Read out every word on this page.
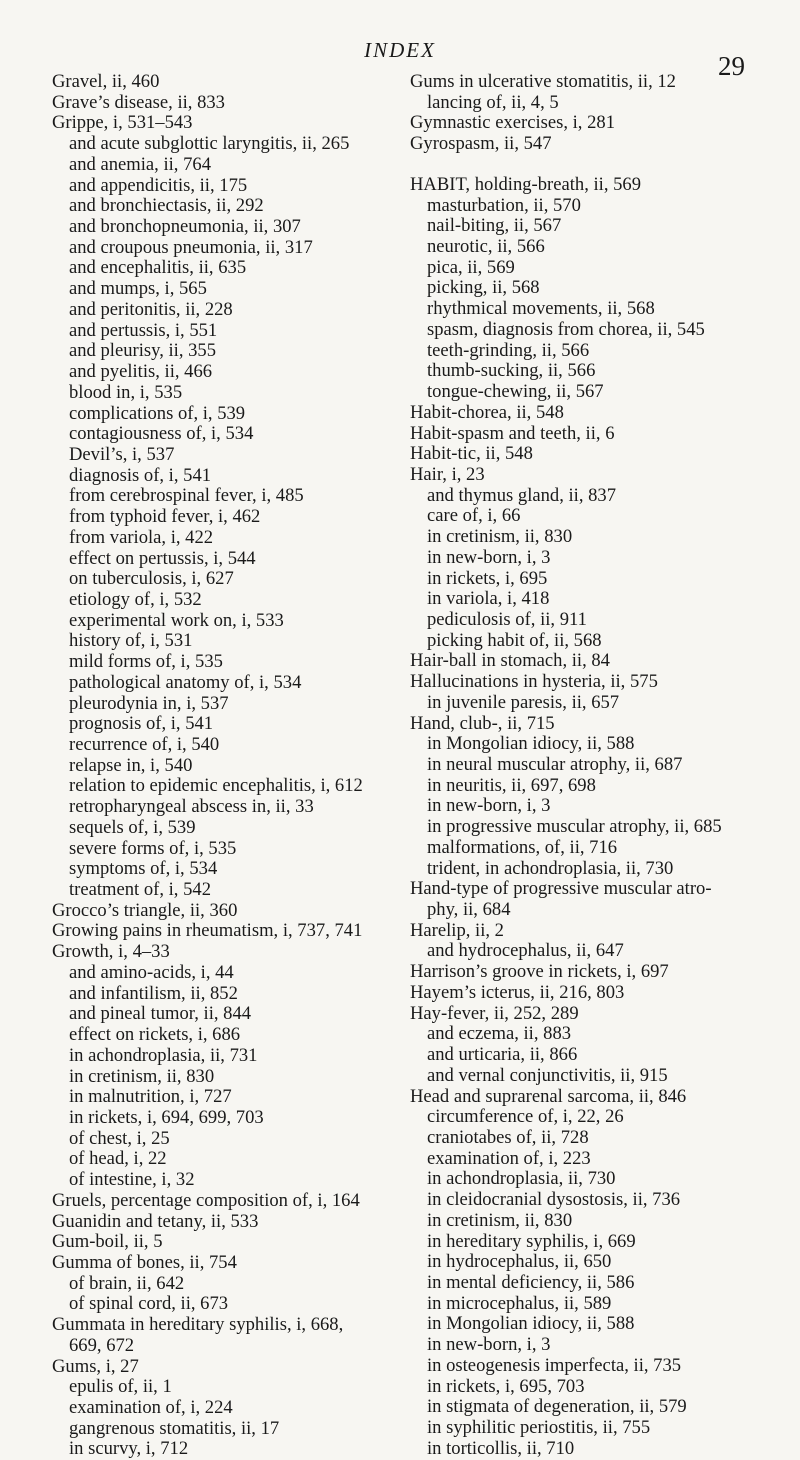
INDEX
29
Gravel, ii, 460
Grave’s disease, ii, 833
Grippe, i, 531–543
and acute subglottic laryngitis, ii, 265
and anemia, ii, 764
and appendicitis, ii, 175
and bronchiectasis, ii, 292
and bronchopneumonia, ii, 307
and croupous pneumonia, ii, 317
and encephalitis, ii, 635
and mumps, i, 565
and peritonitis, ii, 228
and pertussis, i, 551
and pleurisy, ii, 355
and pyelitis, ii, 466
blood in, i, 535
complications of, i, 539
contagiousness of, i, 534
Devil’s, i, 537
diagnosis of, i, 541
from cerebrospinal fever, i, 485
from typhoid fever, i, 462
from variola, i, 422
effect on pertussis, i, 544
on tuberculosis, i, 627
etiology of, i, 532
experimental work on, i, 533
history of, i, 531
mild forms of, i, 535
pathological anatomy of, i, 534
pleurodynia in, i, 537
prognosis of, i, 541
recurrence of, i, 540
relapse in, i, 540
relation to epidemic encephalitis, i, 612
retropharyngeal abscess in, ii, 33
sequels of, i, 539
severe forms of, i, 535
symptoms of, i, 534
treatment of, i, 542
Grocco’s triangle, ii, 360
Growing pains in rheumatism, i, 737, 741
Growth, i, 4–33
and amino-acids, i, 44
and infantilism, ii, 852
and pineal tumor, ii, 844
effect on rickets, i, 686
in achondroplasia, ii, 731
in cretinism, ii, 830
in malnutrition, i, 727
in rickets, i, 694, 699, 703
of chest, i, 25
of head, i, 22
of intestine, i, 32
Gruels, percentage composition of, i, 164
Guanidin and tetany, ii, 533
Gum-boil, ii, 5
Gumma of bones, ii, 754
of brain, ii, 642
of spinal cord, ii, 673
Gummata in hereditary syphilis, i, 668,
669, 672
Gums, i, 27
epulis of, ii, 1
examination of, i, 224
gangrenous stomatitis, ii, 17
in scurvy, i, 712
Gums in ulcerative stomatitis, ii, 12
lancing of, ii, 4, 5
Gymnastic exercises, i, 281
Gyrospasm, ii, 547
HABIT, holding-breath, ii, 569
masturbation, ii, 570
nail-biting, ii, 567
neurotic, ii, 566
pica, ii, 569
picking, ii, 568
rhythmical movements, ii, 568
spasm, diagnosis from chorea, ii, 545
teeth-grinding, ii, 566
thumb-sucking, ii, 566
tongue-chewing, ii, 567
Habit-chorea, ii, 548
Habit-spasm and teeth, ii, 6
Habit-tic, ii, 548
Hair, i, 23
and thymus gland, ii, 837
care of, i, 66
in cretinism, ii, 830
in new-born, i, 3
in rickets, i, 695
in variola, i, 418
pediculosis of, ii, 911
picking habit of, ii, 568
Hair-ball in stomach, ii, 84
Hallucinations in hysteria, ii, 575
in juvenile paresis, ii, 657
Hand, club-, ii, 715
in Mongolian idiocy, ii, 588
in neural muscular atrophy, ii, 687
in neuritis, ii, 697, 698
in new-born, i, 3
in progressive muscular atrophy, ii, 685
malformations, of, ii, 716
trident, in achondroplasia, ii, 730
Hand-type of progressive muscular atro-
phy, ii, 684
Harelip, ii, 2
and hydrocephalus, ii, 647
Harrison’s groove in rickets, i, 697
Hayem’s icterus, ii, 216, 803
Hay-fever, ii, 252, 289
and eczema, ii, 883
and urticaria, ii, 866
and vernal conjunctivitis, ii, 915
Head and suprarenal sarcoma, ii, 846
circumference of, i, 22, 26
craniotabes of, ii, 728
examination of, i, 223
in achondroplasia, ii, 730
in cleidocranial dysostosis, ii, 736
in cretinism, ii, 830
in hereditary syphilis, i, 669
in hydrocephalus, ii, 650
in mental deficiency, ii, 586
in microcephalus, ii, 589
in Mongolian idiocy, ii, 588
in new-born, i, 3
in osteogenesis imperfecta, ii, 735
in rickets, i, 695, 703
in stigmata of degeneration, ii, 579
in syphilitic periostitis, ii, 755
in torticollis, ii, 710
